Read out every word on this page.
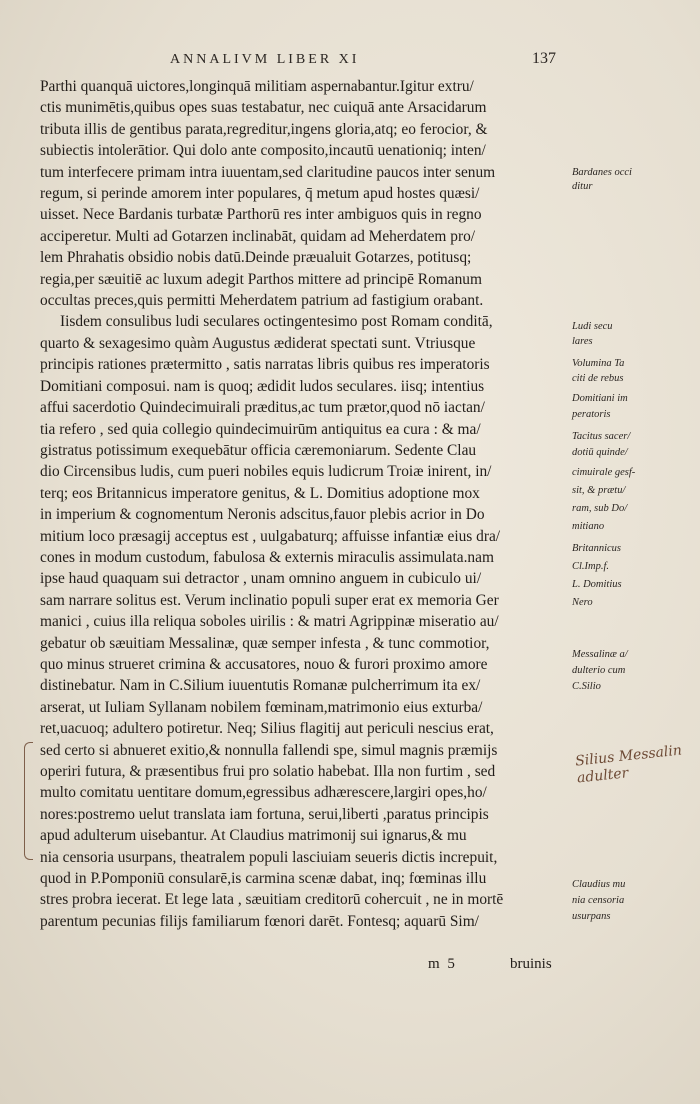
ANNALIVM LIBER XI	137
Parthi quanquā uictores,longinquā militiam aspernabantur.Igitur extru/
ctis munimētis,quibus opes suas testabatur, nec cuiquā ante Arsacidarum
tributa illis de gentibus parata,regreditur,ingens gloria,atq; eo ferocior, &
subiectis intolerātior. Qui dolo ante composito,incautū uenationiq; inten/
tum interfecere primam intra iuuentam,sed claritudine paucos inter senum
regum, si perinde amorem inter populares, q̄ metum apud hostes quæsi/
uisset. Nece Bardanis turbatæ Parthorū res inter ambiguos quis in regno
acciperetur. Multi ad Gotarzen inclinabāt, quidam ad Meherdatem pro/
lem Phrahatis obsidio nobis datū.Deinde præualuit Gotarzes, potitusq;
regia,per sæuitiē ac luxum adegit Parthos mittere ad principē Romanum
occultas preces,quis permitti Meherdatem patrium ad fastigium orabant.
Iisdem consulibus ludi seculares octingentesimo post Romam conditā,
quarto & sexagesimo quàm Augustus ædiderat spectati sunt. Vtriusque
principis rationes prætermitto , satis narratas libris quibus res imperatoris
Domitiani composui. nam is quoq; ædidit ludos seculares. iisq; intentius
affui sacerdotio Quindecimuirali præditus,ac tum prætor,quod nō iactan/
tia refero , sed quia collegio quindecimuirūm antiquitus ea cura : & ma/
gistratus potissimum exequebātur officia cæremoniarum. Sedente Clau
dio Circensibus ludis, cum pueri nobiles equis ludicrum Troiæ inirent, in/
terq; eos Britannicus imperatore genitus, & L. Domitius adoptione mox
in imperium & cognomentum Neronis adscitus,fauor plebis acrior in Do
mitium loco præsagij acceptus est , uulgabaturq; affuisse infantiæ eius dra/
cones in modum custodum, fabulosa & externis miraculis assimulata.nam
ipse haud quaquam sui detractor , unam omnino anguem in cubiculo ui/
sam narrare solitus est. Verum inclinatio populi super erat ex memoria Ger
manici , cuius illa reliqua soboles uirilis : & matri Agrippinæ miseratio au/
gebatur ob sæuitiam Messalinæ, quæ semper infesta , & tunc commotior,
quo minus strueret crimina & accusatores, nouo & furori proximo amore
distinebatur. Nam in C.Silium iuuentutis Romanæ pulcherrimum ita ex/
arserat, ut Iuliam Syllanam nobilem fœminam,matrimonio eius exturba/
ret,uacuoq; adultero potiretur. Neq; Silius flagitij aut periculi nescius erat,
sed certo si abnueret exitio,& nonnulla fallendi spe, simul magnis præmijs
operiri futura, & præsentibus frui pro solatio habebat. Illa non furtim , sed
multo comitatu uentitare domum,egressibus adhærescere,largiri opes,ho/
nores:postremo uelut translata iam fortuna, serui,liberti ,paratus principis
apud adulterum uisebantur. At Claudius matrimonij sui ignarus,& mu
nia censoria usurpans, theatralem populi lasciuiam seueris dictis increpuit,
quod in P.Pomponiū consularē,is carmina scenæ dabat, inq; fœminas illu
stres probra iecerat. Et lege lata , sæuitiam creditorū cohercuit , ne in mortē
parentum pecunias filijs familiarum fœnori darēt. Fontesq; aquarū Sim/
Bardanes occi
ditur
Ludi secu
lares
Volumina Ta
citi de rebus
Domitiani im
peratoris
Tacitus sacer/
dotiū quinde/
cimuirale gesf-
sit, & prætu/
ram, sub Do/
mitiano
Britannicus
Cl.Imp.f.
L. Domitius
Nero
Messalinæ a/
dulterio cum
C.Silio
Claudius mu
nia censoria
usurpans
Silius Messalin
adulter
m 5	bruinis
